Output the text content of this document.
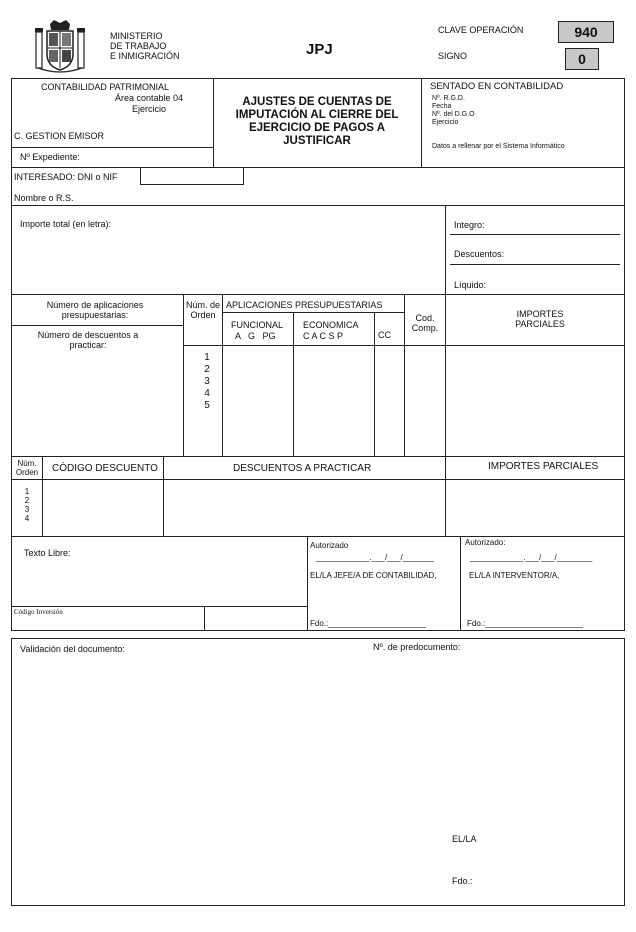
MINISTERIO
DE TRABAJO
E INMIGRACIÓN	JPJ
CLAVE OPERACIÓN	940
SIGNO	0
CONTABILIDAD PATRIMONIAL
Área contable 04
Ejercicio
C. GESTION EMISOR
Nº Expediente:
AJUSTES DE CUENTAS DE IMPUTACIÓN AL CIERRE DEL EJERCICIO DE PAGOS A JUSTIFICAR
SENTADO EN CONTABILIDAD
Nº. R.G.D.
Fecha
Nº. del D.G.O
Ejercicio
Datos a rellenar por el Sistema Informático
INTERESADO: DNI o NIF
Nombre o R.S.
Importe total (en letra):	Integro:
Descuentos:
Líquido:
Número de aplicaciones presupuestarias:
Número de descuentos a practicar:
Núm. de Orden
APLICACIONES PRESUPUESTARIAS
FUNCIONAL
A   G   PG
ECONOMICA
C A C S P	CC
Cod. Comp.
IMPORTES PARCIALES
1
2
3
4
5
Núm. Orden	CÓDIGO DESCUENTO	DESCUENTOS A PRACTICAR	IMPORTES PARCIALES
1
2
3
4
Texto Libre:
Código Inversión
Autorizado
____________.___/___/_______
EL/LA JEFE/A DE CONTABILIDAD,
Fdo.:______________________
Autorizado:
____________.___/___/________
EL/LA INTERVENTOR/A,
Fdo.:______________________
Validación del documento:	Nº. de predocumento:
EL/LA
Fdo.:
